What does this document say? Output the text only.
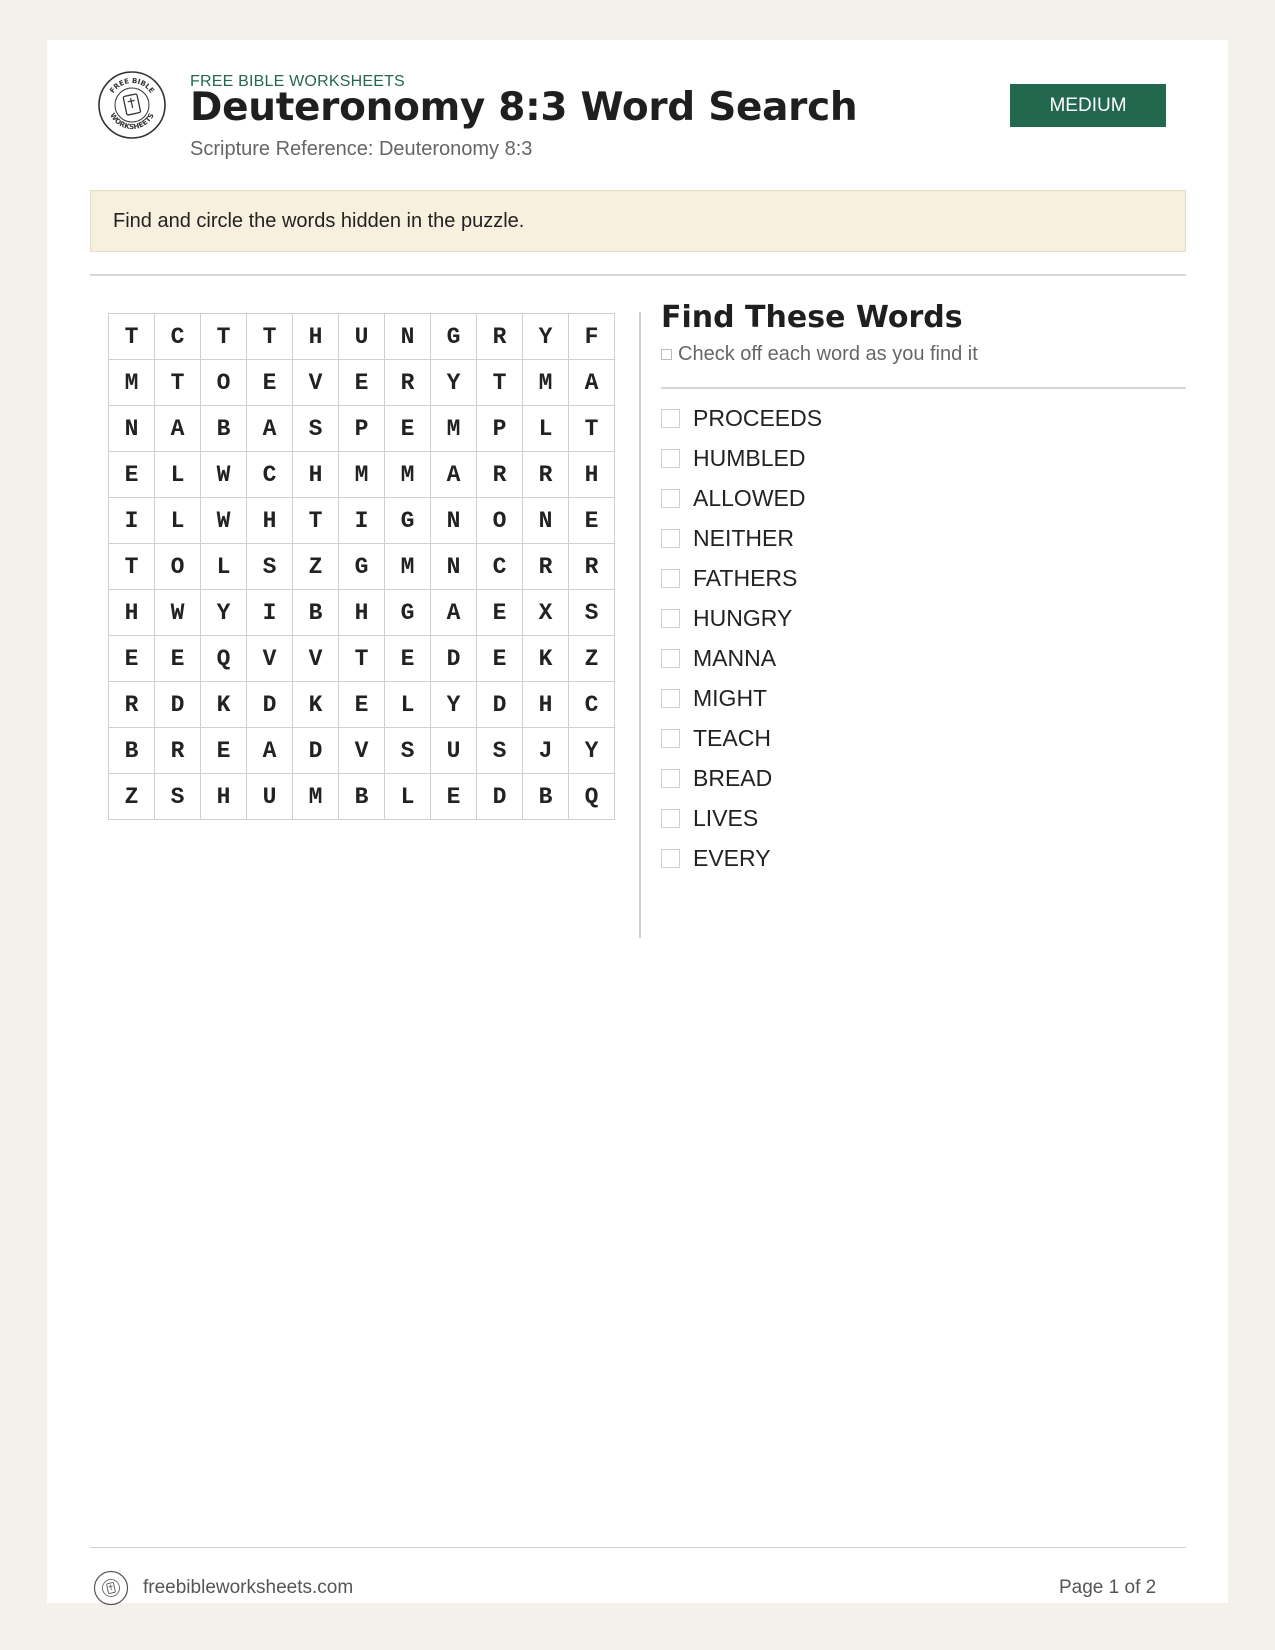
FREE BIBLE
WORKSHEETS
FREE BIBLE WORKSHEETS
Deuteronomy 8:3 Word Search
Scripture Reference: Deuteronomy 8:3
MEDIUM
Find and circle the words hidden in the puzzle.
T	C	T	T	H	U	N	G	R	Y	F
M	T	O	E	V	E	R	Y	T	M	A
N	A	B	A	S	P	E	M	P	L	T
E	L	W	C	H	M	M	A	R	R	H
I	L	W	H	T	I	G	N	O	N	E
T	O	L	S	Z	G	M	N	C	R	R
H	W	Y	I	B	H	G	A	E	X	S
E	E	Q	V	V	T	E	D	E	K	Z
R	D	K	D	K	E	L	Y	D	H	C
B	R	E	A	D	V	S	U	S	J	Y
Z	S	H	U	M	B	L	E	D	B	Q
Find These Words
Check off each word as you find it
PROCEEDS
HUMBLED
ALLOWED
NEITHER
FATHERS
HUNGRY
MANNA
MIGHT
TEACH
BREAD
LIVES
EVERY
freebibleworksheets.com	Page 1 of 2
